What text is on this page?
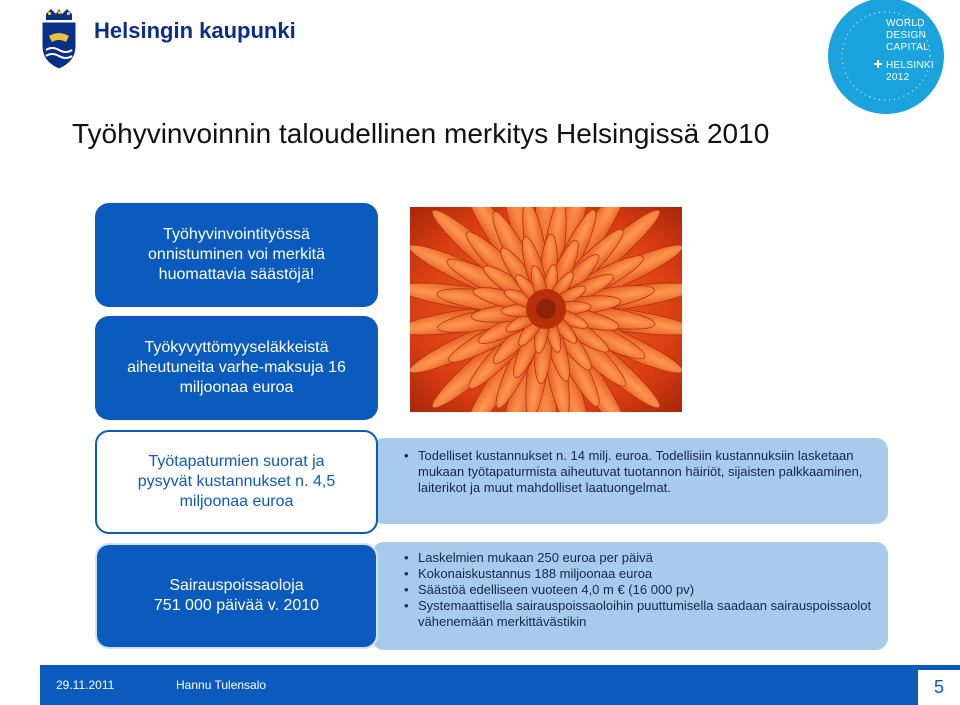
Helsingin kaupunki	WORLD
DESIGN
CAPITAL
HELSINKI
2012
Työhyvinvoinnin taloudellinen merkitys Helsingissä 2010
Työhyvinvointityössä onnistuminen voi merkitä huomattavia säästöjä!
Työkyvyttömyyseläkkeistä aiheutuneita varhe-maksuja 16 miljoonaa euroa
• Todelliset kustannukset n. 14 milj. euroa. Todellisiin kustannuksiin lasketaan mukaan työtapaturmista aiheutuvat tuotannon häiriöt, sijaisten palkkaaminen, laiterikot ja muut mahdolliset laatuongelmat.
Työtapaturmien suorat ja pysyvät kustannukset n. 4,5 miljoonaa euroa
• Laskelmien mukaan 250 euroa per päivä
• Kokonaiskustannus 188 miljoonaa euroa
• Säästöä edelliseen vuoteen 4,0 m € (16 000 pv)
• Systemaattisella sairauspoissaoloihin puuttumisella saadaan sairauspoissaolot vähenemään merkittävästikin
Sairauspoissaoloja
751 000 päivää v. 2010
29.11.2011	Hannu Tulensalo	5
